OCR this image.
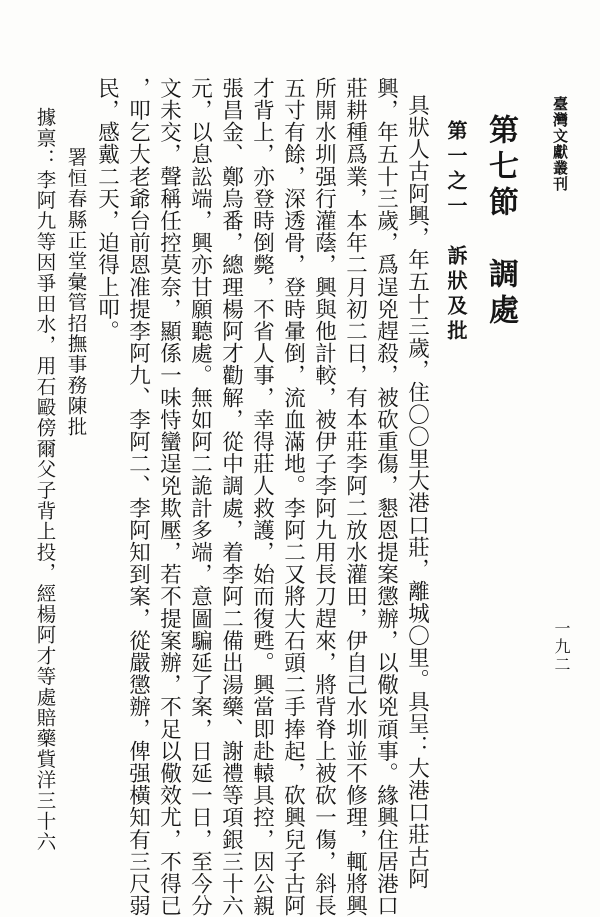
臺灣文獻叢刊
一九二
第七節　調處
第一之一　訴狀及批
具狀人古阿興，年五十三歲，住〇〇里大港口莊，離城〇里。具呈：大港口莊古阿
興，年五十三歲，爲逞兇趕殺，被砍重傷，懇恩提案懲辦，以儆兇頑事。緣興住居港口
莊耕種爲業，本年二月初二日，有本莊李阿二放水灌田，伊自己水圳並不修理，輒將興
所開水圳强行灌蔭，興與他計較，被伊子李阿九用長刀趕來，將背脊上被砍一傷，斜長
五寸有餘，深透骨，登時暈倒，流血滿地。李阿二又將大石頭二手捧起，砍興兒子古阿
才背上，亦登時倒斃，不省人事，幸得莊人救護，始而復甦。興當即赴轅具控，因公親
張昌金、鄭烏番，總理楊阿才勸解，從中調處，着李阿二備出湯藥、謝禮等項銀三十六
元，以息訟端，興亦甘願聽處。無如阿二詭計多端，意圖騙延了案，日延一日，至今分
文未交，聲稱任控莫奈，顯係一味恃蠻逞兇欺壓，若不提案辦，不足以儆效尤，不得已
，叩乞大老爺台前恩准提李阿九、李阿二、李阿知到案，從嚴懲辦，俾强橫知有三尺弱
民，感戴二天，迫得上叩。
署恒春縣正堂彙管招撫事務陳批
據禀：李阿九等因爭田水，用石毆傍爾父子背上投，經楊阿才等處賠藥貲洋三十六
